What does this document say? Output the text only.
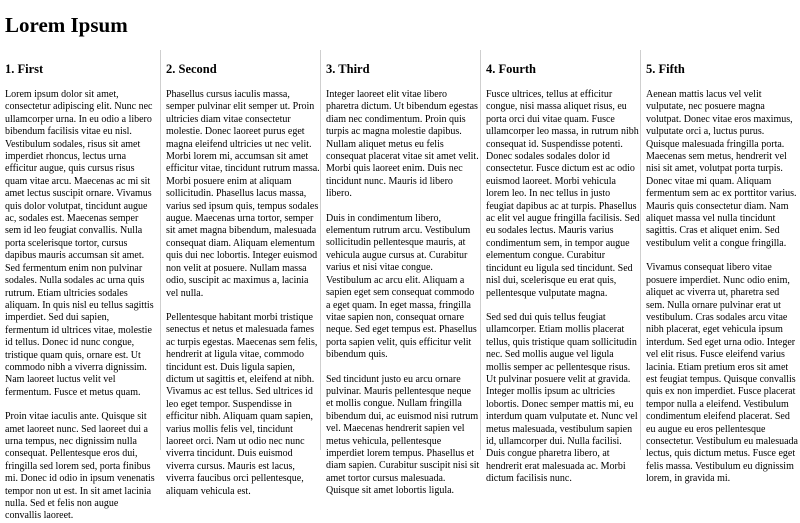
Lorem Ipsum
1. First

Lorem ipsum dolor sit amet, consectetur adipiscing elit. Nunc nec ullamcorper urna. In eu odio a libero bibendum facilisis vitae eu nisl. Vestibulum sodales, risus sit amet imperdiet rhoncus, lectus urna efficitur augue, quis cursus risus quam vitae arcu. Maecenas ac mi sit amet lectus suscipit ornare. Vivamus quis dolor volutpat, tincidunt augue ac, sodales est. Maecenas semper sem id leo feugiat convallis. Nulla porta scelerisque tortor, cursus dapibus mauris accumsan sit amet. Sed fermentum enim non pulvinar sodales. Nulla sodales ac urna quis rutrum. Etiam ultricies sodales aliquam. In quis nisl eu tellus sagittis imperdiet. Sed dui sapien, fermentum id ultrices vitae, molestie id tellus. Donec id nunc congue, tristique quam quis, ornare est. Ut commodo nibh a viverra dignissim. Nam laoreet luctus velit vel fermentum. Fusce et metus quam.

Proin vitae iaculis ante. Quisque sit amet laoreet nunc. Sed laoreet dui a urna tempus, nec dignissim nulla consequat. Pellentesque eros dui, fringilla sed lorem sed, porta finibus mi. Donec id odio in ipsum venenatis tempor non ut est. In sit amet lacinia nulla. Sed et felis non augue convallis laoreet.

2. Second

Phasellus cursus iaculis massa, semper pulvinar elit semper ut. Proin ultricies diam vitae consectetur molestie. Donec laoreet purus eget magna eleifend ultricies ut nec velit. Morbi lorem mi, accumsan sit amet efficitur vitae, tincidunt rutrum massa. Morbi posuere enim at aliquam sollicitudin. Phasellus lacus massa, varius sed ipsum quis, tempus sodales augue. Maecenas urna tortor, semper sit amet magna bibendum, malesuada consequat diam. Aliquam elementum quis dui nec lobortis. Integer euismod non velit at posuere. Nullam massa odio, suscipit ac maximus a, lacinia vel nulla.

Pellentesque habitant morbi tristique senectus et netus et malesuada fames ac turpis egestas. Maecenas sem felis, hendrerit at ligula vitae, commodo tincidunt est. Duis ligula sapien, dictum ut sagittis et, eleifend at nibh. Vivamus ac est tellus. Sed ultrices id leo eget tempor. Suspendisse in efficitur nibh. Aliquam quam sapien, varius mollis felis vel, tincidunt laoreet orci. Nam ut odio nec nunc viverra tincidunt. Duis euismod viverra cursus. Mauris est lacus, viverra faucibus orci pellentesque, aliquam vehicula est.

3. Third

Integer laoreet elit vitae libero pharetra dictum. Ut bibendum egestas diam nec condimentum. Proin quis turpis ac magna molestie dapibus. Nullam aliquet metus eu felis consequat placerat vitae sit amet velit. Morbi quis laoreet enim. Duis nec tincidunt nunc. Mauris id libero libero.

Duis in condimentum libero, elementum rutrum arcu. Vestibulum sollicitudin pellentesque mauris, at vehicula augue cursus at. Curabitur varius et nisi vitae congue. Vestibulum ac arcu elit. Aliquam a sapien eget sem consequat commodo a eget quam. In eget massa, fringilla vitae sapien non, consequat ornare neque. Sed eget tempus est. Phasellus porta sapien velit, quis efficitur velit bibendum quis.

Sed tincidunt justo eu arcu ornare pulvinar. Mauris pellentesque neque et mollis congue. Nullam fringilla bibendum dui, ac euismod nisi rutrum vel. Maecenas hendrerit sapien vel metus vehicula, pellentesque imperdiet lorem tempus. Phasellus et diam sapien. Curabitur suscipit nisi sit amet tortor cursus malesuada. Quisque sit amet lobortis ligula.

4. Fourth

Fusce ultrices, tellus at efficitur congue, nisi massa aliquet risus, eu porta orci dui vitae quam. Fusce ullamcorper leo massa, in rutrum nibh consequat id. Suspendisse potenti. Donec sodales sodales dolor id consectetur. Fusce dictum est ac odio euismod laoreet. Morbi vehicula lorem leo. In nec tellus in justo feugiat dapibus ac at turpis. Phasellus ac elit vel augue fringilla facilisis. Sed eu sodales lectus. Mauris varius condimentum sem, in tempor augue elementum congue. Curabitur tincidunt eu ligula sed tincidunt. Sed nisl dui, scelerisque eu erat quis, pellentesque vulputate magna.

Sed sed dui quis tellus feugiat ullamcorper. Etiam mollis placerat tellus, quis tristique quam sollicitudin nec. Sed mollis augue vel ligula mollis semper ac pellentesque risus. Ut pulvinar posuere velit at gravida. Integer mollis ipsum ac ultricies lobortis. Donec semper mattis mi, eu interdum quam vulputate et. Nunc vel metus malesuada, vestibulum sapien id, ullamcorper dui. Nulla facilisi. Duis congue pharetra libero, at hendrerit erat malesuada ac. Morbi dictum facilisis nunc.

5. Fifth

Aenean mattis lacus vel velit vulputate, nec posuere magna volutpat. Donec vitae eros maximus, vulputate orci a, luctus purus. Quisque malesuada fringilla porta. Maecenas sem metus, hendrerit vel nisi sit amet, volutpat porta turpis. Donec vitae mi quam. Aliquam fermentum sem ac ex porttitor varius. Mauris quis consectetur diam. Nam aliquet massa vel nulla tincidunt sagittis. Cras et aliquet enim. Sed vestibulum velit a congue fringilla.

Vivamus consequat libero vitae posuere imperdiet. Nunc odio enim, aliquet ac viverra ut, pharetra sed sem. Nulla ornare pulvinar erat ut vestibulum. Cras sodales arcu vitae nibh placerat, eget vehicula ipsum interdum. Sed eget urna odio. Integer vel elit risus. Fusce eleifend varius lacinia. Etiam pretium eros sit amet est feugiat tempus. Quisque convallis quis ex non imperdiet. Fusce placerat tempor nulla a eleifend. Vestibulum condimentum eleifend placerat. Sed eu augue eu eros pellentesque consectetur. Vestibulum eu malesuada lectus, quis dictum metus. Fusce eget felis massa. Vestibulum eu dignissim lorem, in gravida mi.
